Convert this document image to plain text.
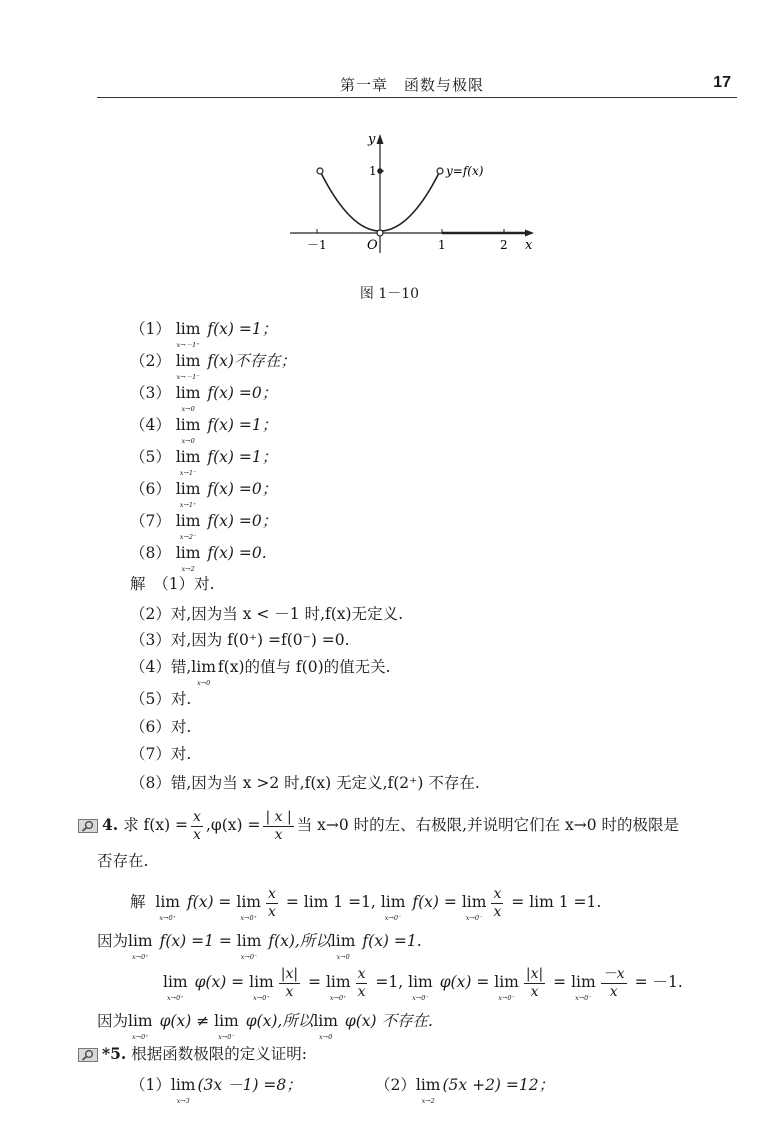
第一章　函数与极限	17
y
x
O
－1	1	2
1	y=f(x)
图 1－10
（1） lim
x→－1⁺
f(x) =1；
（2） lim
x→－1⁻
f(x)不存在；
（3） lim
x→0
f(x) =0；
（4） lim
x→0
f(x) =1；
（5） lim
x→1⁻
f(x) =1；
（6） lim
x→1⁺
f(x) =0；
（7） lim
x→2⁻
f(x) =0；
（8） lim
x→2
f(x) =0.
解　（1）对.
（2）对,因为当 x < －1 时,f(x)无定义.
（3）对,因为 f(0⁺) =f(0⁻) =0.
（4）错,lim
x→0
f(x)的值与 f(0)的值无关.
（5）对.
（6）对.
（7）对.
（8）错,因为当 x >2 时,f(x) 无定义,f(2⁺) 不存在.
4. 求 $f(x) = \frac{x}{x} ,\varphi(x) = \frac{| x |}{x}$ 当 x→0 时的左、右极限,并说明它们在 x→0 时的极限是
否存在.
解 lim
x→0⁺
f(x) = lim
$x\to 0^+ \frac{x}{x} = \lim 1 =1$, lim
x→0⁻
f(x) = lim
$x\to 0^- \frac{x}{x} = \lim 1 =1$.
因为lim
x→0⁺
f(x) =1 = lim
x→0⁻
f(x),所以lim
x→0
f(x) =1.
lim
x→0⁺
φ(x) = lim
$x\to 0^+ \frac{|x|}{x} = \lim$
$x\to 0^+ \frac{x}{x} =1$, lim
x→0⁻
φ(x) = lim
$x\to 0^- \frac{|x|}{x} = \lim$
$x\to 0^- \frac{-x}{x} = -1$.
因为lim
x→0⁺
φ(x) ≠ lim
x→0⁻
φ(x),所以lim
x→0
φ(x) 不存在.
*5. 根据函数极限的定义证明:
（1）lim
x→3
(3x －1) =8；	（2）lim
x→2
(5x +2) =12；
